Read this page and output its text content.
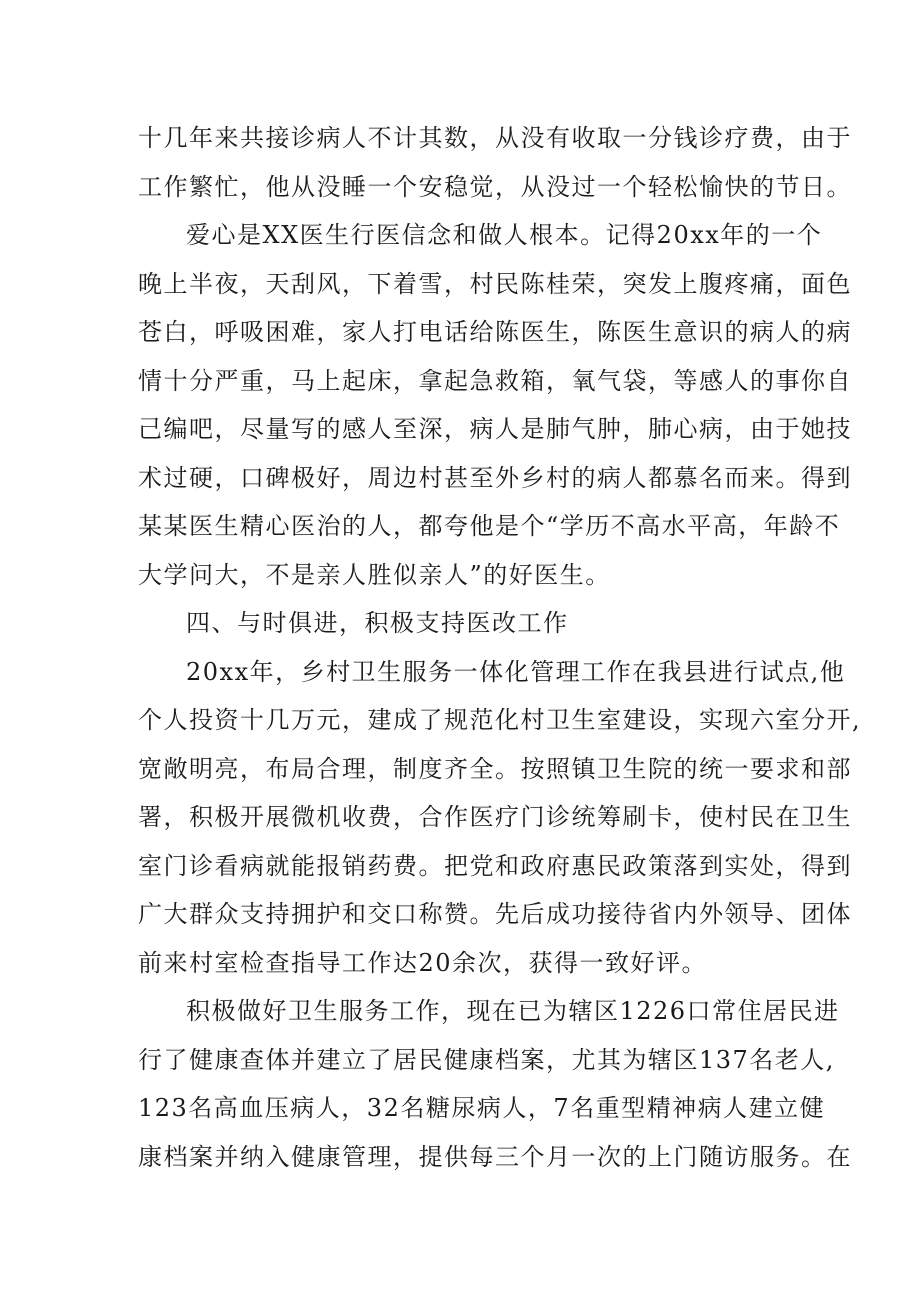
十几年来共接诊病人不计其数，从没有收取一分钱诊疗费，由于
工作繁忙，他从没睡一个安稳觉，从没过一个轻松愉快的节日。
爱心是XX医生行医信念和做人根本。记得20xx年的一个
晚上半夜，天刮风，下着雪，村民陈桂荣，突发上腹疼痛，面色
苍白，呼吸困难，家人打电话给陈医生，陈医生意识的病人的病
情十分严重，马上起床，拿起急救箱，氧气袋，等感人的事你自
己编吧，尽量写的感人至深，病人是肺气肿，肺心病，由于她技
术过硬，口碑极好，周边村甚至外乡村的病人都慕名而来。得到
某某医生精心医治的人，都夸他是个“学历不高水平高，年龄不
大学问大，不是亲人胜似亲人”的好医生。
四、与时俱进，积极支持医改工作
20xx年，乡村卫生服务一体化管理工作在我县进行试点,他
个人投资十几万元，建成了规范化村卫生室建设，实现六室分开,
宽敞明亮，布局合理，制度齐全。按照镇卫生院的统一要求和部
署，积极开展微机收费，合作医疗门诊统筹刷卡，使村民在卫生
室门诊看病就能报销药费。把党和政府惠民政策落到实处，得到
广大群众支持拥护和交口称赞。先后成功接待省内外领导、团体
前来村室检查指导工作达20余次，获得一致好评。
积极做好卫生服务工作，现在已为辖区1226口常住居民进
行了健康查体并建立了居民健康档案，尤其为辖区137名老人,
123名高血压病人，32名糖尿病人，7名重型精神病人建立健
康档案并纳入健康管理，提供每三个月一次的上门随访服务。在
